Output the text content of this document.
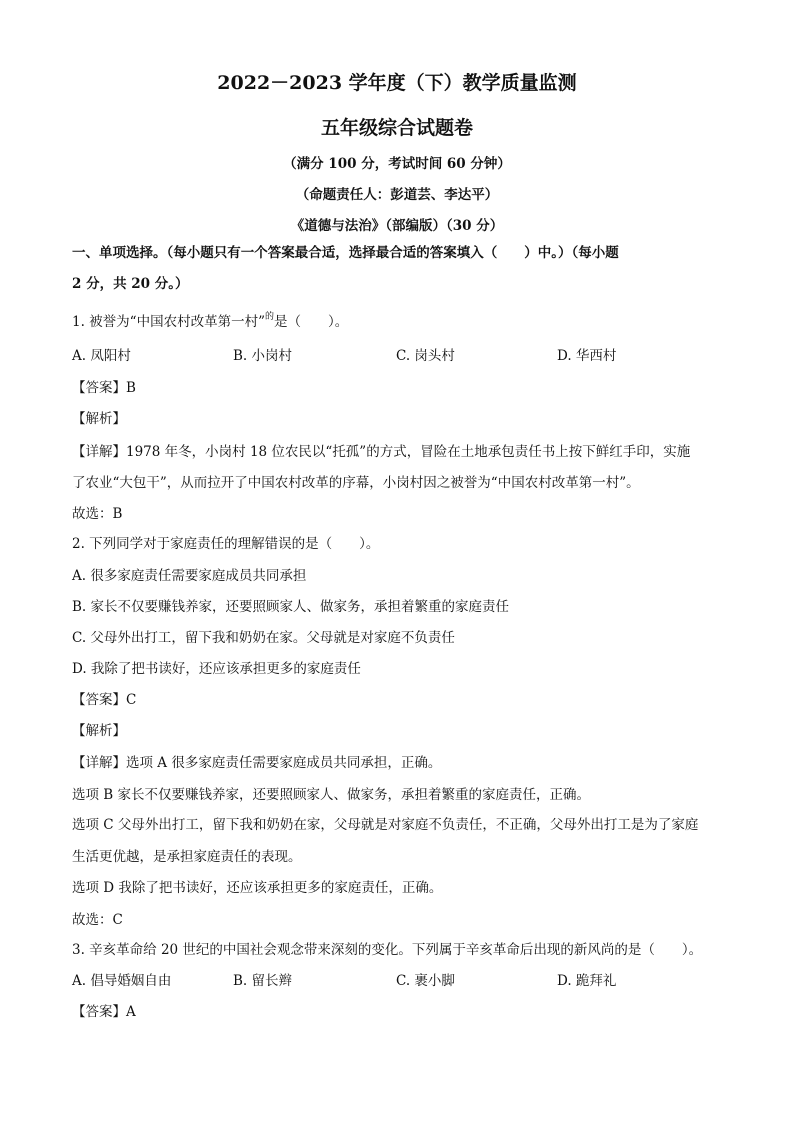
2022－2023 学年度（下）教学质量监测
五年级综合试题卷
（满分 100 分，考试时间 60 分钟）
（命题责任人：彭道芸、李达平）
《道德与法治》（部编版）（30 分）
一、单项选择。（每小题只有一个答案最合适，选择最合适的答案填入（　　）中。）（每小题
2 分，共 20 分。）
1. 被誉为“中国农村改革第一村”$^的$是（　　）。
A. 凤阳村	B. 小岗村	C. 岗头村	D. 华西村
【答案】B
【解析】
【详解】1978 年冬，小岗村 18 位农民以“托孤”的方式，冒险在土地承包责任书上按下鲜红手印，实施
了农业“大包干”，从而拉开了中国农村改革的序幕，小岗村因之被誉为“中国农村改革第一村”。
故选：B
2. 下列同学对于家庭责任的理解错误的是（　　）。
A. 很多家庭责任需要家庭成员共同承担
B. 家长不仅要赚钱养家，还要照顾家人、做家务，承担着繁重的家庭责任
C. 父母外出打工，留下我和奶奶在家。父母就是对家庭不负责任
D. 我除了把书读好，还应该承担更多的家庭责任
【答案】C
【解析】
【详解】选项 A 很多家庭责任需要家庭成员共同承担，正确。
选项 B 家长不仅要赚钱养家，还要照顾家人、做家务，承担着繁重的家庭责任，正确。
选项 C 父母外出打工，留下我和奶奶在家，父母就是对家庭不负责任，不正确，父母外出打工是为了家庭
生活更优越，是承担家庭责任的表现。
选项 D 我除了把书读好，还应该承担更多的家庭责任，正确。
故选：C
3. 辛亥革命给 20 世纪的中国社会观念带来深刻的变化。下列属于辛亥革命后出现的新风尚的是（　　）。
A. 倡导婚姻自由	B. 留长辫	C. 裹小脚	D. 跪拜礼
【答案】A
